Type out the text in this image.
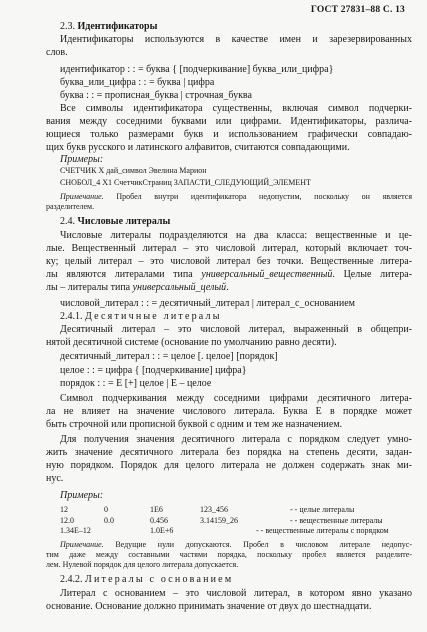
ГОСТ 27831–88 С. 13
2.3. Идентификаторы
Идентификаторы используются в качестве имен и зарезервированных
слов.
идентификатор : : = буква { [подчеркивание] буква_или_цифра}
буква_или_цифра : : = буква | цифра
буква : : = прописная_буква | строчная_буква
Все символы идентификатора существенны, включая символ подчерки-
вания между соседними буквами или цифрами. Идентификаторы, различа-
ющиеся только размерами букв и использованием графически совпадаю-
щих букв русского и латинского алфавитов, считаются совпадающими.
Примеры:
СЧЕТЧИК Х дай_символ Эвелина Марион
СНОБОЛ_4 Х1 СчетчикСтраниц ЗАПАСТИ_СЛЕДУЮЩИЙ_ЭЛЕМЕНТ
Примечание. Пробел внутри идентификатора недопустим, поскольку он является
разделителем.
2.4. Числовые литералы
Числовые литералы подразделяются на два класса: вещественные и це-
лые. Вещественный литерал – это числовой литерал, который включает точ-
ку; целый литерал – это числовой литерал без точки. Вещественные литера-
лы являются литералами типа универсальный_вещественный. Целые литера-
лы – литералы типа универсальный_целый.
числовой_литерал : : = десятичный_литерал | литерал_с_основанием
2.4.1. Десятичные литералы
Десятичный литерал – это числовой литерал, выраженный в общепри-
нятой десятичной системе (основание по умолчанию равно десяти).
десятичный_литерал : : = целое [. целое] [порядок]
целое : : = цифра { [подчеркивание] цифра}
порядок : : = Е [+] целое | Е – целое
Символ подчеркивания между соседними цифрами десятичного литера-
ла не влияет на значение числового литерала. Буква Е в порядке может
быть строчной или прописной буквой с одним и тем же назначением.
Для получения значения десятичного литерала с порядком следует умно-
жить значение десятичного литерала без порядка на степень десяти, задан-
ную порядком. Порядок для целого литерала не должен содержать знак ми-
нус.
Примеры:
12	0	1Е6	123_456	- - целые литералы
12.0	0.0	0.456	3.14159_26	- - вещественные литералы
1.34Е–12	1.0Е+6	- - вещественные литералы с порядком
Примечание. Ведущие нули допускаются. Пробел в числовом литерале недопус-
тим даже между составными частями порядка, поскольку пробел является разделите-
лем. Нулевой порядок для целого литерала допускается.
2.4.2. Литералы с основанием
Литерал с основанием – это числовой литерал, в котором явно указано
основание. Основание должно принимать значение от двух до шестнадцати.
